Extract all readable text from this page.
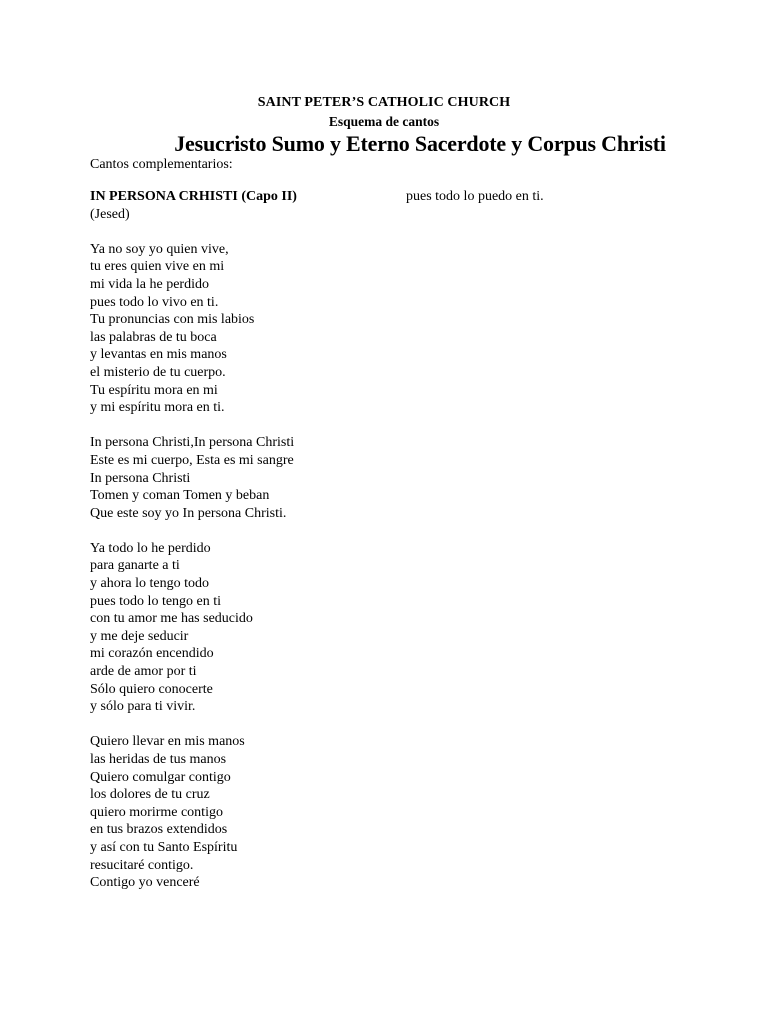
SAINT PETER’S CATHOLIC CHURCH
Esquema de cantos
Jesucristo Sumo y Eterno Sacerdote y Corpus Christi
Cantos complementarios:
IN PERSONA CRHISTI (Capo II)
(Jesed)
Ya no soy yo quien vive,
tu eres quien vive en mi
mi vida la he perdido
pues todo lo vivo en ti.
Tu pronuncias con mis labios
las palabras de tu boca
y levantas en mis manos
el misterio de tu cuerpo.
Tu espíritu mora en mi
y mi espíritu mora en ti.
In persona Christi,In persona Christi
Este es mi cuerpo, Esta es mi sangre
In persona Christi
Tomen y coman Tomen y beban
Que este soy yo In persona Christi.
Ya todo lo he perdido
para ganarte a ti
y ahora lo tengo todo
pues todo lo tengo en ti
con tu amor me has seducido
y me deje seducir
mi corazón encendido
arde de amor por ti
Sólo quiero conocerte
y sólo para ti vivir.
Quiero llevar en mis manos
las heridas de tus manos
Quiero comulgar contigo
los dolores de tu cruz
quiero morirme contigo
en tus brazos extendidos
y así con tu Santo Espíritu
resucitaré contigo.
Contigo yo venceré
pues todo lo puedo en ti.
